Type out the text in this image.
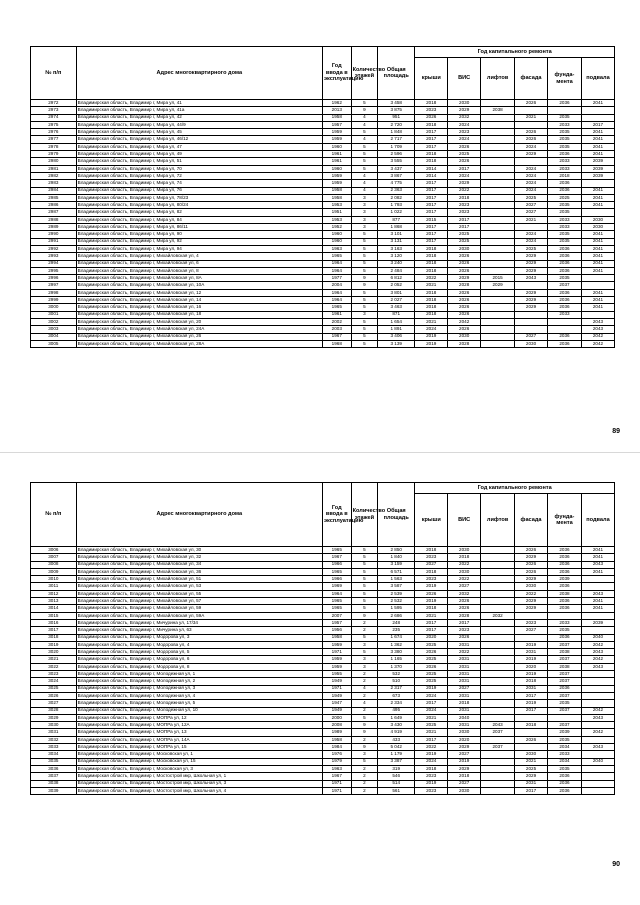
№ п/п	Адрес многоквартирного дома	Год ввода в эксплуатацию	Количество этажей	Общая площадь	Год капитального ремонта					
					крыши	ВИС	лифтов	фасада	фунда-мента	подвала
2972	Владимирская область, Владимир г, Мира ул, 41	1962	5	3 458	2018	2030		2026	2036	2041
2973	Владимирская область, Владимир г, Мира ул, 41а	2013	9	3 875	2023	2029	2038			
2974	Владимирская область, Владимир г, Мира ул, 42	1958	4	951	2026	2032		2021	2035	
2975	Владимирская область, Владимир г, Мира ул, 44/9	1957	4	2 720	2018	2024			2033	2017
2976	Владимирская область, Владимир г, Мира ул, 45	1959	5	1 848	2017	2023		2026	2035	2041
2977	Владимирская область, Владимир г, Мира ул, 46/12	1959	4	2 717	2017	2024		2026	2035	2041
2978	Владимирская область, Владимир г, Мира ул, 47	1960	5	1 709	2017	2026		2024	2035	2041
2979	Владимирская область, Владимир г, Мира ул, 49	1961	5	2 596	2018	2025		2029	2036	2041
2980	Владимирская область, Владимир г, Мира ул, 51	1961	5	3 555	2018	2026			2033	2039
2981	Владимирская область, Владимир г, Мира ул, 70	1960	5	3 437	2014	2017		2024	2033	2039
2982	Владимирская область, Владимир г, Мира ул, 72	1959	4	3 867	2014	2024		2024	2018	2039
2983	Владимирская область, Владимир г, Мира ул, 74	1959	4	4 775	2017	2029		2024	2036	
2984	Владимирская область, Владимир г, Мира ул, 76	1958	4	2 363	2017	2022		2024	2036	2041
2985	Владимирская область, Владимир г, Мира ул, 78/23	1958	3	2 082	2017	2018		2025	2025	2041
2986	Владимирская область, Владимир г, Мира ул, 80/24	1953	3	1 793	2017	2023		2027	2035	2041
2987	Владимирская область, Владимир г, Мира ул, 82	1951	3	1 022	2017	2023		2027	2035	
2988	Владимирская область, Владимир г, Мира ул, 84	1953	3	877	2015	2017		2021	2033	2030
2989	Владимирская область, Владимир г, Мира ул, 86/11	1952	3	1 868	2017	2017			2033	2030
2990	Владимирская область, Владимир г, Мира ул, 90	1960	5	3 101	2017	2025		2024	2035	2041
2991	Владимирская область, Владимир г, Мира ул, 92	1960	5	3 131	2017	2025		2024	2035	2041
2992	Владимирская область, Владимир г, Мира ул, 94	1963	5	3 163	2018	2030		2025	2036	2041
2993	Владимирская область, Владимир г, Михайловская ул, 4	1965	5	3 120	2018	2026		2029	2036	2041
2994	Владимирская область, Владимир г, Михайловская ул, 6	1964	5	3 240	2018	2026		2029	2036	2041
2995	Владимирская область, Владимир г, Михайловская ул, 8	1964	5	2 484	2018	2026		2029	2036	2041
2996	Владимирская область, Владимир г, Михайловская ул, 8А	1977	9	6 812	2022	2029	2015	2043	2035	
2997	Владимирская область, Владимир г, Михайловская ул, 10А	2004	9	2 052	2021	2028	2029		2037	
2998	Владимирская область, Владимир г, Михайловская ул, 12	1964	5	3 801	2018	2026		2029	2036	2041
2999	Владимирская область, Владимир г, Михайловская ул, 14	1964	5	2 027	2018	2026		2029	2036	2041
3000	Владимирская область, Владимир г, Михайловская ул, 16	1965	5	3 463	2018	2026		2029	2036	2041
3001	Владимирская область, Владимир г, Михайловская ул, 18	1961	3	871	2018	2026			2033	
3002	Владимирская область, Владимир г, Михайловская ул, 20	2002	5	1 654	2021	2042				2043
3003	Владимирская область, Владимир г, Михайловская ул, 24А	2003	5	1 891	2024	2026				2043
3004	Владимирская область, Владимир г, Михайловская ул, 26	1967	5	3 406	2019	2030		2027	2036	2042
3005	Владимирская область, Владимир г, Михайловская ул, 28А	1968	5	3 139	2019	2028		2030	2036	2042
89
№ п/п	Адрес многоквартирного дома	Год ввода в эксплуатацию	Количество этажей	Общая площадь	Год капитального ремонта					
					крыши	ВИС	лифтов	фасада	фунда-мента	подвала
3006	Владимирская область, Владимир г, Михайловская ул, 30	1965	5	2 850	2018	2030		2026	2036	2041
3007	Владимирская область, Владимир г, Михайловская ул, 32	1967	5	1 840	2023	2018		2029	2036	2041
3008	Владимирская область, Владимир г, Михайловская ул, 34	1966	5	3 159	2027	2022		2026	2036	2043
3009	Владимирская область, Владимир г, Михайловская ул, 36	1965	5	6 571	2018	2030		2026	2036	2041
3010	Владимирская область, Владимир г, Михайловская ул, 51	1966	5	1 563	2023	2022		2029	2039	
3011	Владимирская область, Владимир г, Михайловская ул, 53	1969	5	3 587	2019	2027		2030	2036	
3012	Владимирская область, Владимир г, Михайловская ул, 55	1964	5	2 539	2026	2032		2022	2038	2043
3013	Владимирская область, Владимир г, Михайловская ул, 57	1965	5	2 532	2019	2026		2029	2036	2041
3014	Владимирская область, Владимир г, Михайловская ул, 59	1965	5	1 595	2018	2026		2029	2036	2041
3015	Владимирская область, Владимир г, Михайловская ул, 59А	2007	9	2 686	2021	2028	2032			
3016	Владимирская область, Владимир г, Мичурина ул, 17/34	1957	2	248	2017	2017		2023	2033	2039
3017	Владимирская область, Владимир г, Мичурина ул, 63	1956	2	235	2017	2023		2027	2035	
3018	Владимирская область, Владимир г, Модорова ул, 3	1958	5	1 674	2020	2026			2036	2040
3019	Владимирская область, Владимир г, Модорова ул, 4	1959	3	1 362	2025	2031		2019	2037	2042
3020	Владимирская область, Владимир г, Модорова ул, 5	1971	5	3 380	2026	2022		2031	2038	2043
3021	Владимирская область, Владимир г, Модорова ул, 6	1959	3	1 165	2025	2031		2019	2037	2042
3022	Владимирская область, Владимир г, Модорова ул, 8	1959	3	1 370	2026	2031		2020	2038	2043
3023	Владимирская область, Владимир г, Молодежная ул, 1	1955	2	532	2025	2031		2019	2037	
3024	Владимирская область, Владимир г, Молодежная ул, 2	1949	2	510	2025	2031		2018	2037	
3025	Владимирская область, Владимир г, Молодежная ул, 3	1971	4	2 317	2019	2027		2031	2036	
3026	Владимирская область, Владимир г, Молодежная ул, 4	1949	2	673	2024	2031		2017	2037	
3027	Владимирская область, Владимир г, Молодежная ул, 5	1947	4	2 334	2017	2018		2019	2035	
3028	Владимирская область, Владимир г, Молодежная ул, 10	1949	2	495	2024	2031		2017	2037	2042
3029	Владимирская область, Владимир г, МОПРа ул, 12	2000	5	1 649	2021	2040				2043
3030	Владимирская область, Владимир г, МОПРа ул, 12А	2008	9	3 430	2025	2031	2043	2018	2037	
3031	Владимирская область, Владимир г, МОПРа ул, 13	1989	9	4 919	2021	2030	2037		2039	2042
3032	Владимирская область, Владимир г, МОПРа ул, 14А	1958	2	433	2017	2020		2026	2035	
3033	Владимирская область, Владимир г, МОПРа ул, 15	1984	9	5 042	2022	2029	2037		2034	2043
3034	Владимирская область, Владимир г, Московская ул, 1	1976	3	1 179	2019	2027		2030	2033	
3035	Владимирская область, Владимир г, Московская ул, 15	1979	5	3 387	2024	2019		2021	2034	2040
3036	Владимирская область, Владимир г, Московская ул, 3	1963	2	319	2018	2029		2025	2035	
3037	Владимирская область, Владимир г, Мостострой мкр, Школьная ул, 1	1967	2	546	2023	2018		2029	2036	
3038	Владимирская область, Владимир г, Мостострой мкр, Школьная ул, 3	1971	2	514	2019	2027		2031	2036	
3039	Владимирская область, Владимир г, Мостострой мкр, Школьная ул, 4	1971	2	561	2023	2030		2017	2036	
90
